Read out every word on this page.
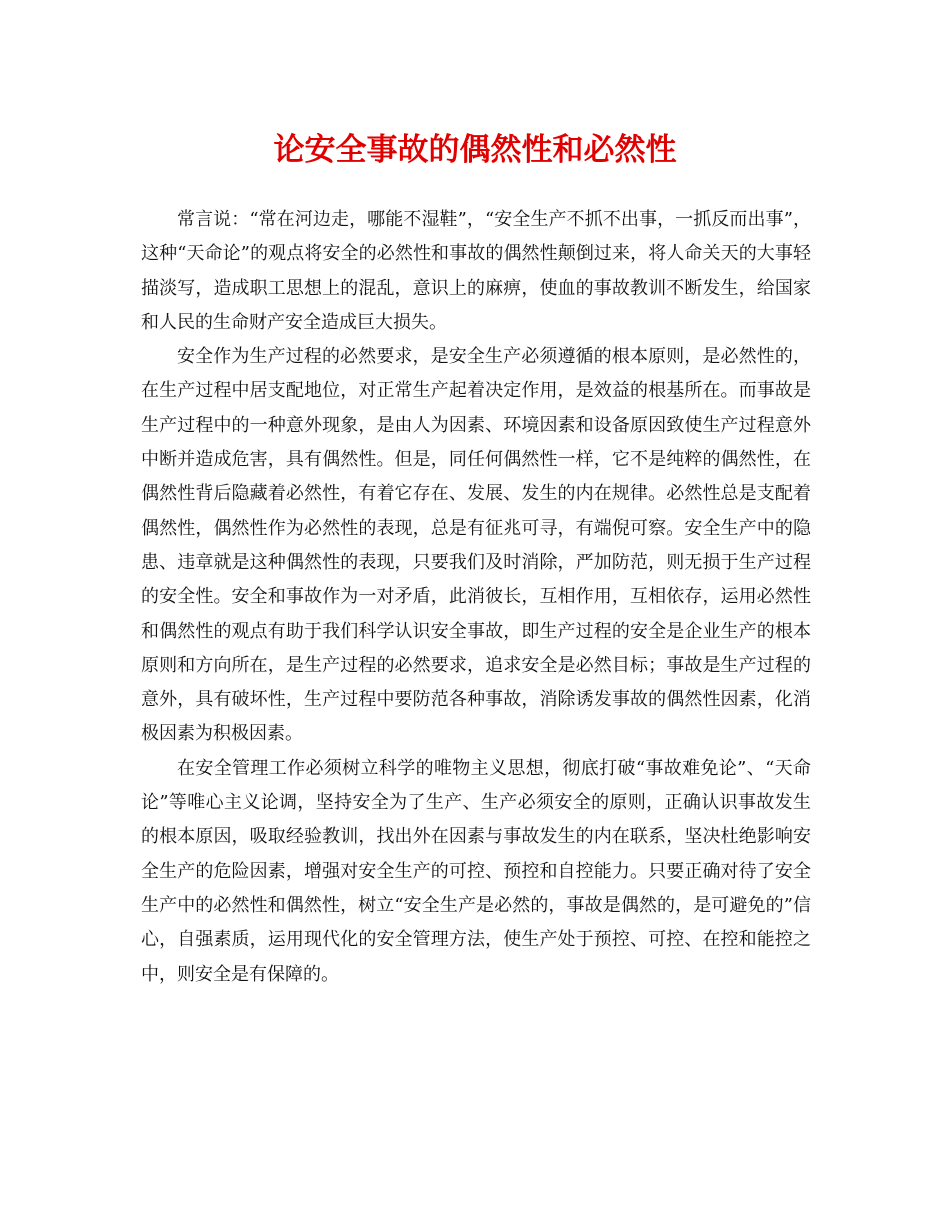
论安全事故的偶然性和必然性

常言说：“常在河边走，哪能不湿鞋”，“安全生产不抓不出事，一抓反而出事”，这种“天命论”的观点将安全的必然性和事故的偶然性颠倒过来，将人命关天的大事轻描淡写，造成职工思想上的混乱，意识上的麻痹，使血的事故教训不断发生，给国家和人民的生命财产安全造成巨大损失。

安全作为生产过程的必然要求，是安全生产必须遵循的根本原则，是必然性的，在生产过程中居支配地位，对正常生产起着决定作用，是效益的根基所在。而事故是生产过程中的一种意外现象，是由人为因素、环境因素和设备原因致使生产过程意外中断并造成危害，具有偶然性。但是，同任何偶然性一样，它不是纯粹的偶然性，在偶然性背后隐藏着必然性，有着它存在、发展、发生的内在规律。必然性总是支配着偶然性，偶然性作为必然性的表现，总是有征兆可寻，有端倪可察。安全生产中的隐患、违章就是这种偶然性的表现，只要我们及时消除，严加防范，则无损于生产过程的安全性。安全和事故作为一对矛盾，此消彼长，互相作用，互相依存，运用必然性和偶然性的观点有助于我们科学认识安全事故，即生产过程的安全是企业生产的根本原则和方向所在，是生产过程的必然要求，追求安全是必然目标；事故是生产过程的意外，具有破坏性，生产过程中要防范各种事故，消除诱发事故的偶然性因素，化消极因素为积极因素。

在安全管理工作必须树立科学的唯物主义思想，彻底打破“事故难免论”、“天命论”等唯心主义论调，坚持安全为了生产、生产必须安全的原则，正确认识事故发生的根本原因，吸取经验教训，找出外在因素与事故发生的内在联系，坚决杜绝影响安全生产的危险因素，增强对安全生产的可控、预控和自控能力。只要正确对待了安全生产中的必然性和偶然性，树立“安全生产是必然的，事故是偶然的，是可避免的”信心，自强素质，运用现代化的安全管理方法，使生产处于预控、可控、在控和能控之中，则安全是有保障的。
